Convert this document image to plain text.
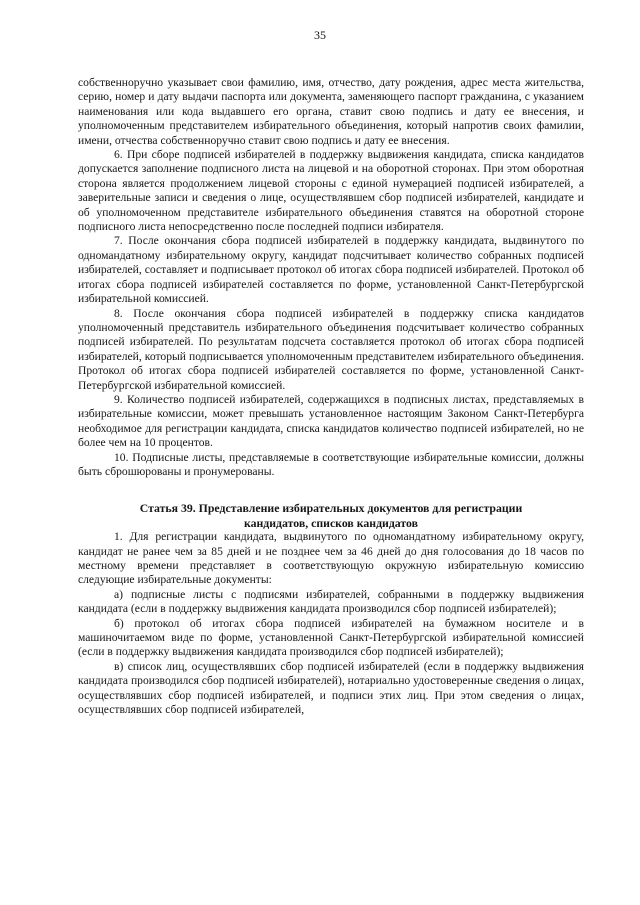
35

собственноручно указывает свои фамилию, имя, отчество, дату рождения, адрес места жительства, серию, номер и дату выдачи паспорта или документа, заменяющего паспорт гражданина, с указанием наименования или кода выдавшего его органа, ставит свою подпись и дату ее внесения, и уполномоченным представителем избирательного объединения, который напротив своих фамилии, имени, отчества собственноручно ставит свою подпись и дату ее внесения.

6. При сборе подписей избирателей в поддержку выдвижения кандидата, списка кандидатов допускается заполнение подписного листа на лицевой и на оборотной сторонах. При этом оборотная сторона является продолжением лицевой стороны с единой нумерацией подписей избирателей, а заверительные записи и сведения о лице, осуществлявшем сбор подписей избирателей, кандидате и об уполномоченном представителе избирательного объединения ставятся на оборотной стороне подписного листа непосредственно после последней подписи избирателя.

7. После окончания сбора подписей избирателей в поддержку кандидата, выдвинутого по одномандатному избирательному округу, кандидат подсчитывает количество собранных подписей избирателей, составляет и подписывает протокол об итогах сбора подписей избирателей. Протокол об итогах сбора подписей избирателей составляется по форме, установленной Санкт-Петербургской избирательной комиссией.

8. После окончания сбора подписей избирателей в поддержку списка кандидатов уполномоченный представитель избирательного объединения подсчитывает количество собранных подписей избирателей. По результатам подсчета составляется протокол об итогах сбора подписей избирателей, который подписывается уполномоченным представителем избирательного объединения. Протокол об итогах сбора подписей избирателей составляется по форме, установленной Санкт-Петербургской избирательной комиссией.

9. Количество подписей избирателей, содержащихся в подписных листах, представляемых в избирательные комиссии, может превышать установленное настоящим Законом Санкт-Петербурга необходимое для регистрации кандидата, списка кандидатов количество подписей избирателей, но не более чем на 10 процентов.

10. Подписные листы, представляемые в соответствующие избирательные комиссии, должны быть сброшюрованы и пронумерованы.

Статья 39. Представление избирательных документов для регистрации
кандидатов, списков кандидатов

1. Для регистрации кандидата, выдвинутого по одномандатному избирательному округу, кандидат не ранее чем за 85 дней и не позднее чем за 46 дней до дня голосования до 18 часов по местному времени представляет в соответствующую окружную избирательную комиссию следующие избирательные документы:

а) подписные листы с подписями избирателей, собранными в поддержку выдвижения кандидата (если в поддержку выдвижения кандидата производился сбор подписей избирателей);

б) протокол об итогах сбора подписей избирателей на бумажном носителе и в машиночитаемом виде по форме, установленной Санкт-Петербургской избирательной комиссией (если в поддержку выдвижения кандидата производился сбор подписей избирателей);

в) список лиц, осуществлявших сбор подписей избирателей (если в поддержку выдвижения кандидата производился сбор подписей избирателей), нотариально удостоверенные сведения о лицах, осуществлявших сбор подписей избирателей, и подписи этих лиц. При этом сведения о лицах, осуществлявших сбор подписей избирателей,
